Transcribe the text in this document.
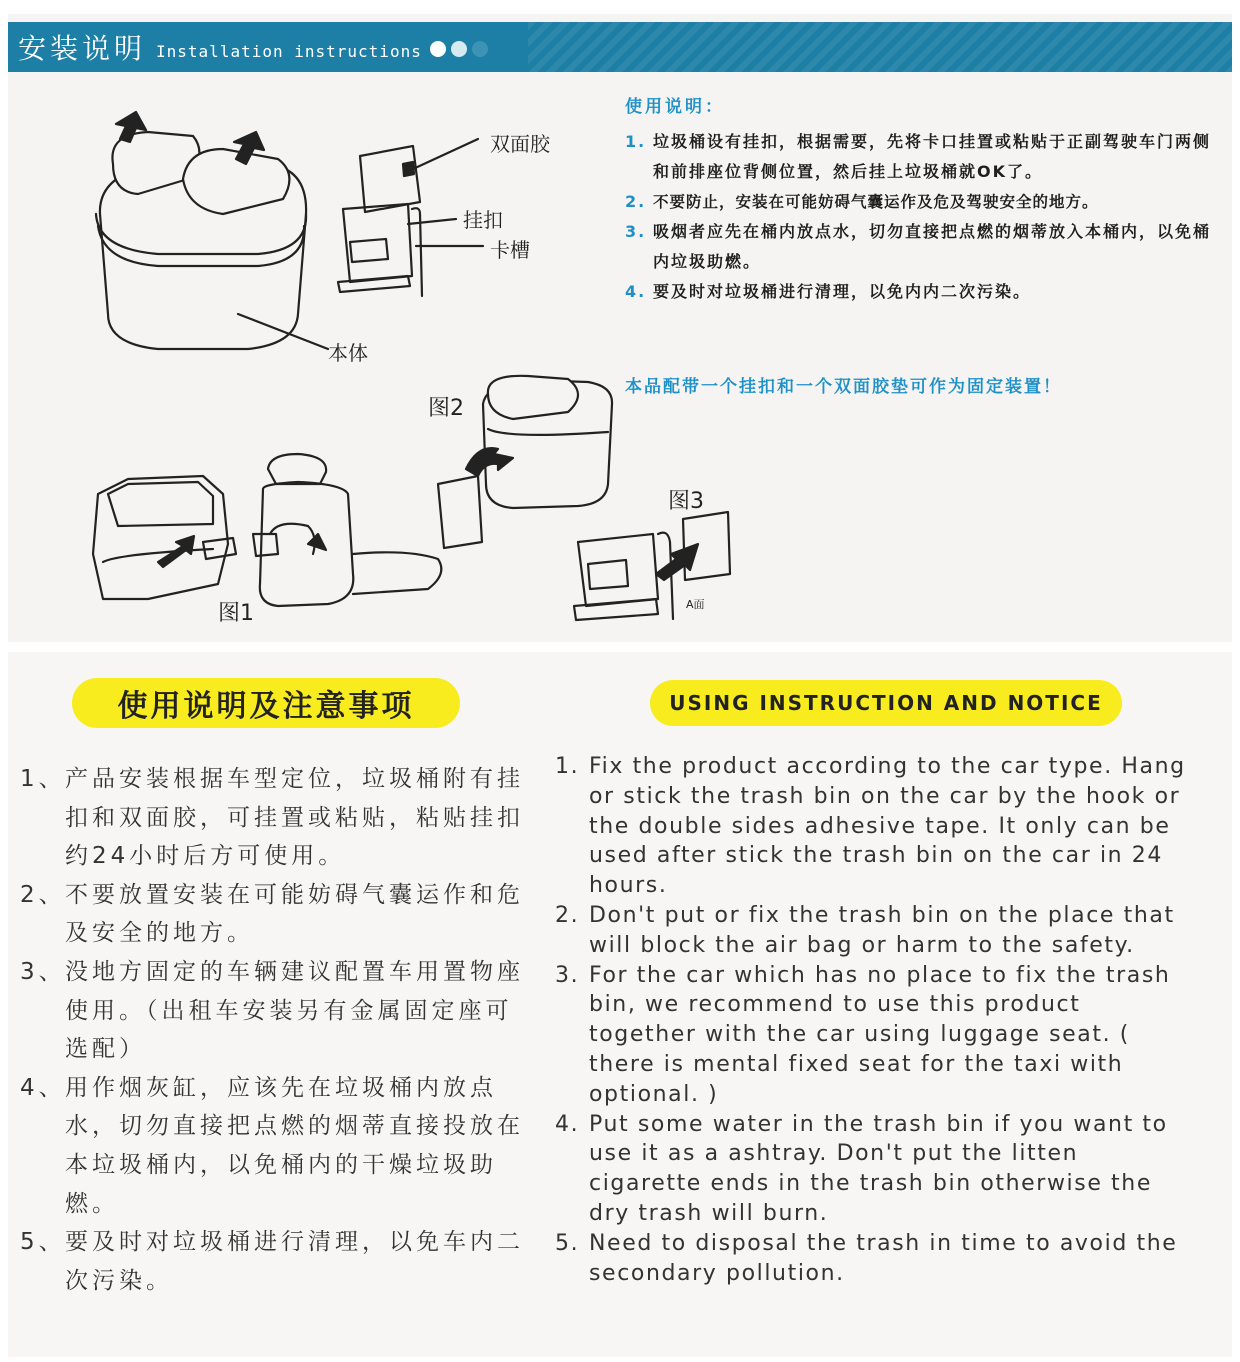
安装说明 Installation instructions
双面胶
挂扣
卡槽
本体
图1
图2
图3
A面
使用说明：
1. 垃圾桶设有挂扣，根据需要，先将卡口挂置或粘贴于正副驾驶车门两侧和前排座位背侧位置，然后挂上垃圾桶就OK了。
2. 不要防止，安装在可能妨碍气囊运作及危及驾驶安全的地方。
3. 吸烟者应先在桶内放点水，切勿直接把点燃的烟蒂放入本桶内，以免桶内垃圾助燃。
4. 要及时对垃圾桶进行清理，以免内内二次污染。
本品配带一个挂扣和一个双面胶垫可作为固定装置！
使用说明及注意事项	USING INSTRUCTION AND NOTICE
1、 产品安装根据车型定位，垃圾桶附有挂扣和双面胶，可挂置或粘贴，粘贴挂扣约24小时后方可使用。
2、 不要放置安装在可能妨碍气囊运作和危及安全的地方。
3、 没地方固定的车辆建议配置车用置物座使用。（出租车安装另有金属固定座可选配）
4、 用作烟灰缸，应该先在垃圾桶内放点水，切勿直接把点燃的烟蒂直接投放在本垃圾桶内，以免桶内的干燥垃圾助燃。
5、 要及时对垃圾桶进行清理，以免车内二次污染。
1. Fix the product according to the car type. Hang or stick the trash bin on the car by the hook or the double sides adhesive tape. It only can be used after stick the trash bin on the car in 24 hours.
2. Don't put or fix the trash bin on the place that will block the air bag or harm to the safety.
3. For the car which has no place to fix the trash bin, we recommend to use this product together with the car using luggage seat. ( there is mental fixed seat for the taxi with optional. )
4. Put some water in the trash bin if you want to use it as a ashtray. Don't put the litten cigarette ends in the trash bin otherwise the dry trash will burn.
5. Need to disposal the trash in time to avoid the secondary pollution.
